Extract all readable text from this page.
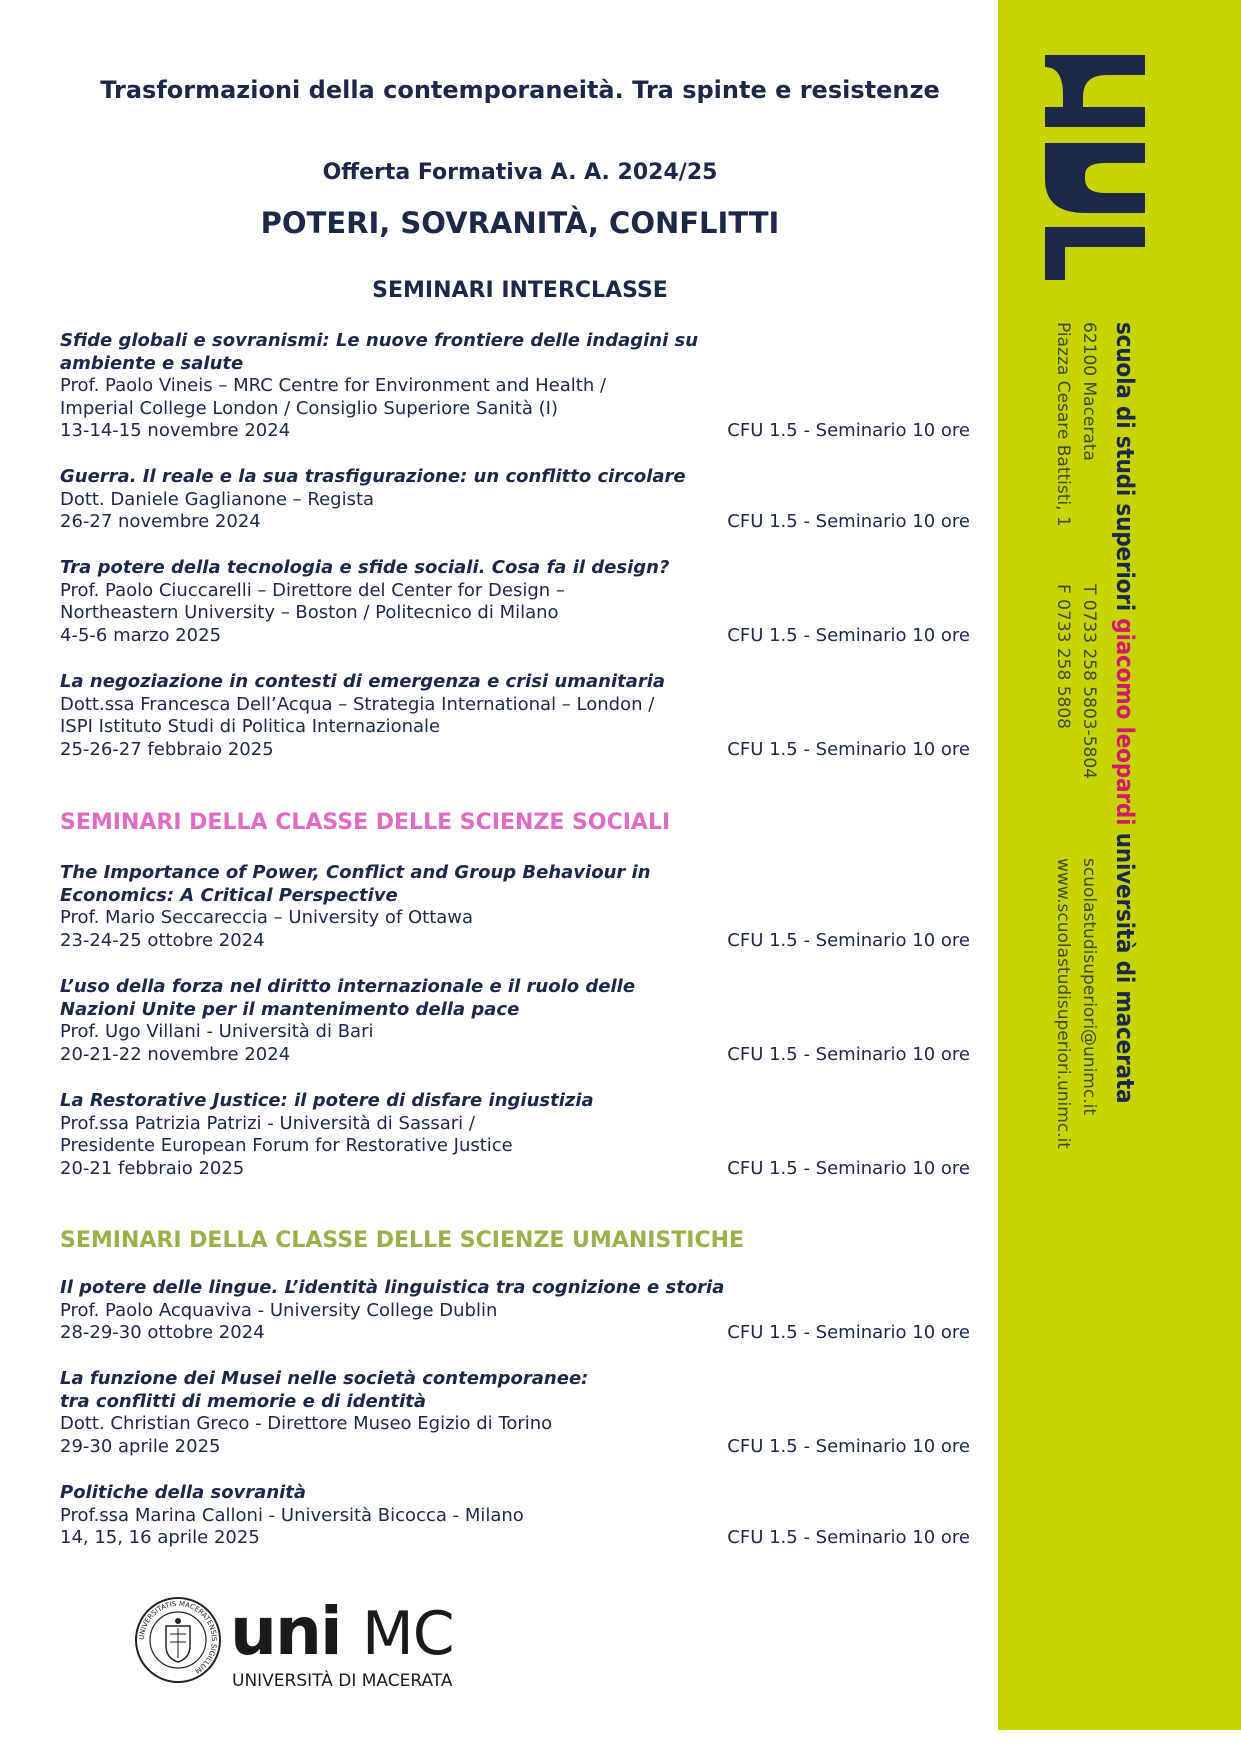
scuola di studi superiori giacomo leopardi università di macerata
62100 Macerata
Piazza Cesare Battisti, 1
T 0733 258 5803-5804
F 0733 258 5808
scuolastudisuperiori@unimc.it
www.scuolastudisuperiori.unimc.it
Trasformazioni della contemporaneità. Tra spinte e resistenze
Offerta Formativa A. A. 2024/25
POTERI, SOVRANITÀ, CONFLITTI
SEMINARI INTERCLASSE
SEMINARI DELLA CLASSE DELLE SCIENZE SOCIALI
SEMINARI DELLA CLASSE DELLE SCIENZE UMANISTICHE
Sfide globali e sovranismi: Le nuove frontiere delle indagini su
ambiente e salute
Prof. Paolo Vineis – MRC Centre for Environment and Health /
Imperial College London / Consiglio Superiore Sanità (I)
13-14-15 novembre 2024	CFU 1.5 - Seminario 10 ore
Guerra. Il reale e la sua trasfigurazione: un conflitto circolare
Dott. Daniele Gaglianone – Regista
26-27 novembre 2024	CFU 1.5 - Seminario 10 ore
Tra potere della tecnologia e sfide sociali. Cosa fa il design?
Prof. Paolo Ciuccarelli – Direttore del Center for Design –
Northeastern University – Boston / Politecnico di Milano
4-5-6 marzo 2025	CFU 1.5 - Seminario 10 ore
La negoziazione in contesti di emergenza e crisi umanitaria
Dott.ssa Francesca Dell’Acqua – Strategia International – London /
ISPI Istituto Studi di Politica Internazionale
25-26-27 febbraio 2025	CFU 1.5 - Seminario 10 ore
The Importance of Power, Conflict and Group Behaviour in
Economics: A Critical Perspective
Prof. Mario Seccareccia – University of Ottawa
23-24-25 ottobre 2024	CFU 1.5 - Seminario 10 ore
L’uso della forza nel diritto internazionale e il ruolo delle
Nazioni Unite per il mantenimento della pace
Prof. Ugo Villani - Università di Bari
20-21-22 novembre 2024	CFU 1.5 - Seminario 10 ore
La Restorative Justice: il potere di disfare ingiustizia
Prof.ssa Patrizia Patrizi - Università di Sassari /
Presidente European Forum for Restorative Justice
20-21 febbraio 2025	CFU 1.5 - Seminario 10 ore
Il potere delle lingue. L’identità linguistica tra cognizione e storia
Prof. Paolo Acquaviva - University College Dublin
28-29-30 ottobre 2024	CFU 1.5 - Seminario 10 ore
La funzione dei Musei nelle società contemporanee:
tra conflitti di memorie e di identità
Dott. Christian Greco - Direttore Museo Egizio di Torino
29-30 aprile 2025	CFU 1.5 - Seminario 10 ore
Politiche della sovranità
Prof.ssa Marina Calloni - Università Bicocca - Milano
14, 15, 16 aprile 2025	CFU 1.5 - Seminario 10 ore
UNIVERSITATIS MACERATENSIS SIGILLUM uni MC
UNIVERSITÀ DI MACERATA
